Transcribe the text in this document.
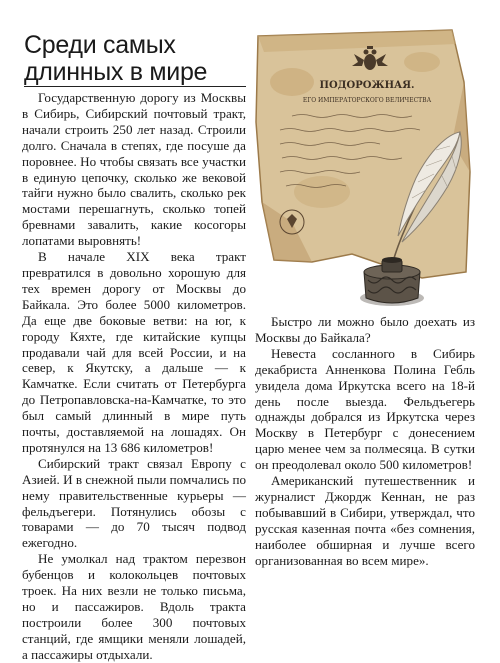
Среди самых длинных в мире

Государственную дорогу из Москвы в Сибирь, Сибирский почтовый тракт, начали строить 250 лет назад. Строили долго. Сначала в степях, где посуше да поровнее. Но чтобы связать все участки в единую цепочку, сколько же вековой тайги нужно было свалить, сколько рек мостами перешагнуть, сколько топей бревнами завалить, какие косогоры лопатами выровнять!

В начале XIX века тракт превратился в довольно хорошую для тех времен дорогу от Москвы до Байкала. Это более 5000 километров. Да еще две боковые ветви: на юг, к городу Кяхте, где китайские купцы продавали чай для всей России, и на север, к Якутску, а дальше — к Камчатке. Если считать от Петербурга до Петропавловска-на-Камчатке, то это был самый длинный в мире путь почты, доставляемой на лошадях. Он протянулся на 13 686 километров!

Сибирский тракт связал Европу с Азией. И в снежной пыли помчались по нему правительственные курьеры — фельдъегери. Потянулись обозы с товарами — до 70 тысяч подвод ежегодно.

Не умолкал над трактом перезвон бубенцов и колокольцев почтовых троек. На них везли не только письма, но и пассажиров. Вдоль тракта построили более 300 почтовых станций, где ямщики меняли лошадей, а пассажиры отдыхали.

ПОДОРОЖНАЯ.
ЕГО ИМПЕРАТОРСКОГО ВЕЛИЧЕСТВА

Быстро ли можно было доехать из Москвы до Байкала?

Невеста сосланного в Сибирь декабриста Анненкова Полина Гебль увидела дома Иркутска всего на 18-й день после выезда. Фельдъегерь однажды добрался из Иркутска через Москву в Петербург с донесением царю менее чем за полмесяца. В сутки он преодолевал около 500 километров!

Американский путешественник и журналист Джордж Кеннан, не раз побывавший в Сибири, утверждал, что русская казенная почта «без сомнения, наиболее обширная и лучше всего организованная во всем мире».
